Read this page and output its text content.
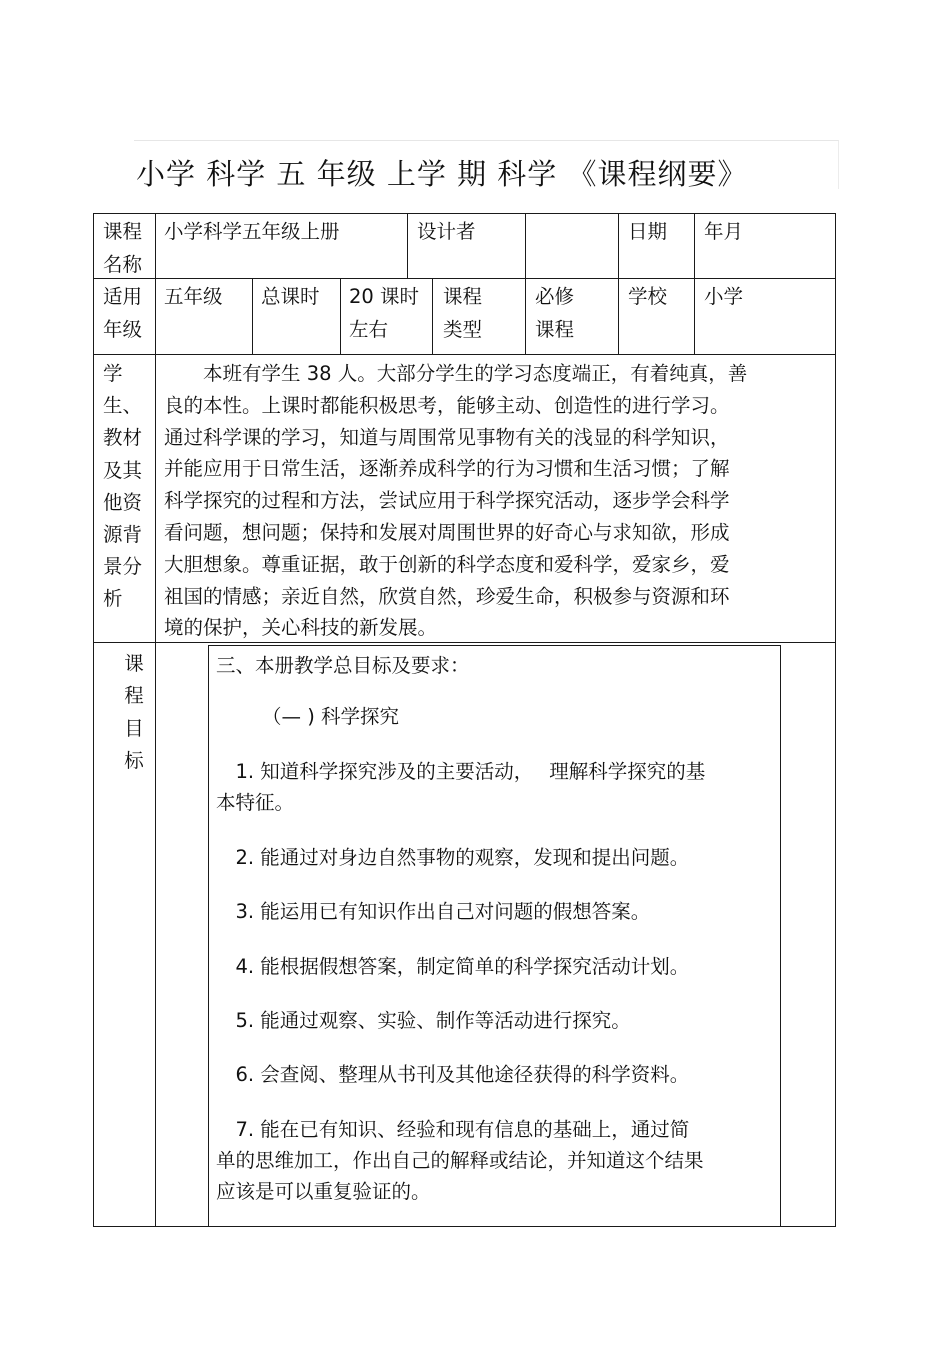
小学 科学 五 年级 上学 期 科学 《课程纲要》
课程
名称
小学科学五年级上册	设计者	日期 年月
适用
年级
五年级 总课时 20 课时
左右
课程
类型
必修
课程
学校 小学
学
生、
教材
及其
他资
源背
景分
析
　　本班有学生 38 人。大部分学生的学习态度端正，有着纯真，善
良的本性。上课时都能积极思考，能够主动、创造性的进行学习。
通过科学课的学习，知道与周围常见事物有关的浅显的科学知识，
并能应用于日常生活，逐渐养成科学的行为习惯和生活习惯；了解
科学探究的过程和方法，尝试应用于科学探究活动，逐步学会科学
看问题，想问题；保持和发展对周围世界的好奇心与求知欲，形成
大胆想象。尊重证据，敢于创新的科学态度和爱科学，爱家乡，爱
祖国的情感；亲近自然，欣赏自然，珍爱生命，积极参与资源和环
境的保护，关心科技的新发展。
课
程
目
标
三、本册教学总目标及要求：
（— ) 科学探究
　1. 知道科学探究涉及的主要活动，　 理解科学探究的基
本特征。
　2. 能通过对身边自然事物的观察，发现和提出问题。
　3. 能运用已有知识作出自己对问题的假想答案。
　4. 能根据假想答案，制定简单的科学探究活动计划。
　5. 能通过观察、实验、制作等活动进行探究。
　6. 会查阅、整理从书刊及其他途径获得的科学资料。
　7. 能在已有知识、经验和现有信息的基础上，通过简
单的思维加工，作出自己的解释或结论，并知道这个结果
应该是可以重复验证的。
